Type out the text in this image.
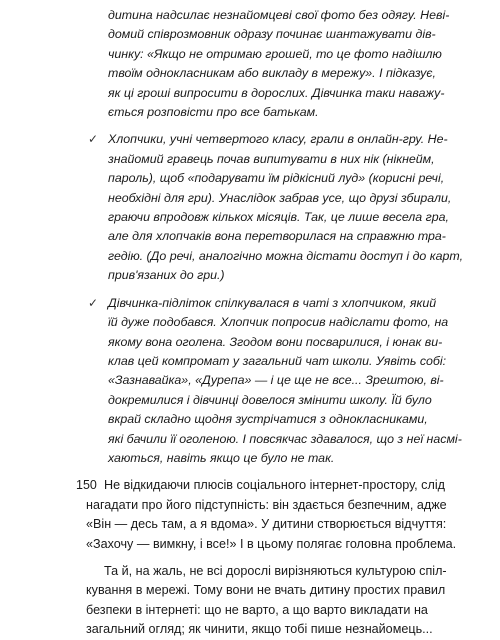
дитина надсилає незнайомцеві свої фото без одягу. Неві-
домий співрозмовник одразу починає шантажувати дів-
чинку: «Якщо не отримаю грошей, то це фото надішлю
твоїм однокласникам або викладу в мережу». І підказує,
як ці гроші випросити в дорослих. Дівчинка таки наважу-
ється розповісти про все батькам.
✓ Хлопчики, учні четвертого класу, грали в онлайн-гру. Не-
знайомий гравець почав випитувати в них нік (нікнейм,
пароль), щоб «подарувати їм рідкісний луд» (корисні речі,
необхідні для гри). Унаслідок забрав усе, що друзі збирали,
граючи впродовж кількох місяців. Так, це лише весела гра,
але для хлопчаків вона перетворилася на справжню тра-
гедію. (До речі, аналогічно можна дістати доступ і до карт,
прив'язаних до гри.)
✓ Дівчинка-підліток спілкувалася в чаті з хлопчиком, який
їй дуже подобався. Хлопчик попросив надіслати фото, на
якому вона оголена. Згодом вони посварилися, і юнак ви-
клав цей компромат у загальний чат школи. Уявіть собі:
«Зазнавайка», «Дурепа» — і це ще не все... Зрештою, ві-
докремилися і дівчинці довелося змінити школу. Їй було
вкрай складно щодня зустрічатися з однокласниками,
які бачили її оголеною. І повсякчас здавалося, що з неї насмі-
хаються, навіть якщо це було не так.
Не відкидаючи плюсів соціального інтернет-простору, слід
нагадати про його підступність: він здається безпечним, адже
«Він — десь там, а я вдома». У дитини створюється відчуття:
«Захочу — вимкну, і все!» І в цьому полягає головна проблема.
Та й, на жаль, не всі дорослі вирізняються культурою спіл-
кування в мережі. Тому вони не вчать дитину простих правил
безпеки в інтернеті: що не варто, а що варто викладати на
загальний огляд; як чинити, якщо тобі пише незнайомець...
150
